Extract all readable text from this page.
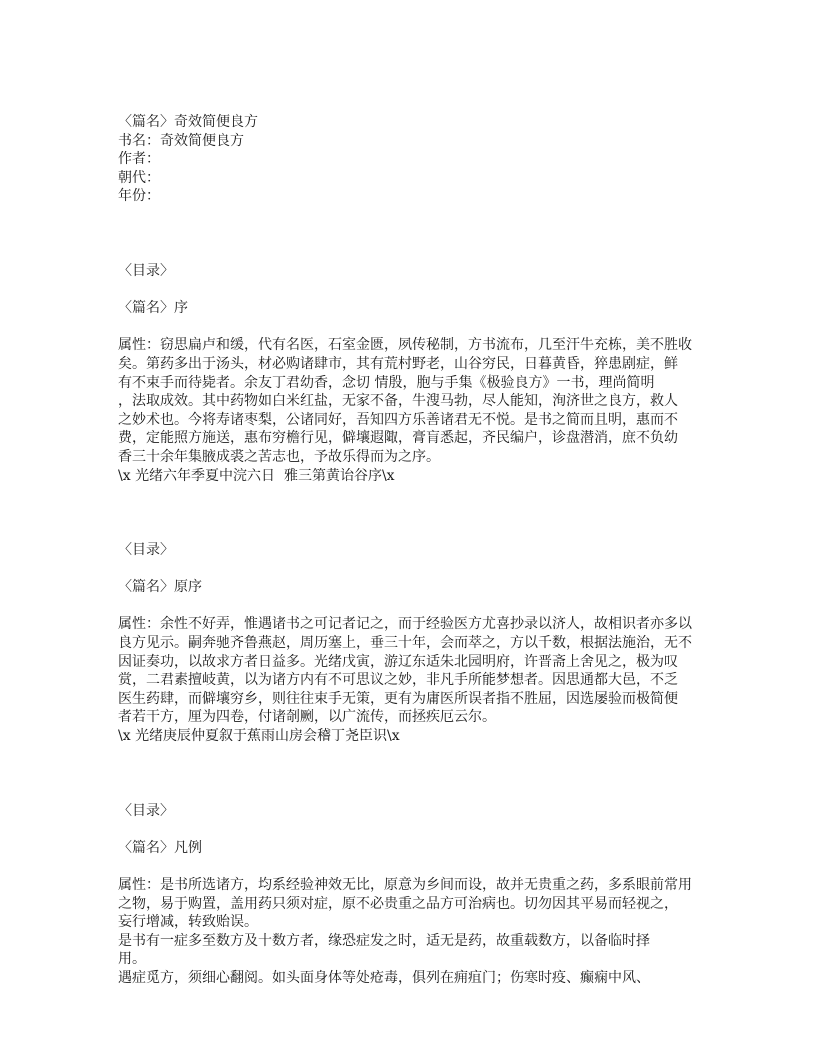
〈篇名〉奇效简便良方
书名：奇效简便良方
作者：
朝代：
年份：
〈目录〉
〈篇名〉序
属性：窃思扁卢和缓，代有名医，石室金匮，夙传秘制，方书流布，几至汗牛充栋，美不胜收
矣。第药多出于汤头，材必购诸肆市，其有荒村野老，山谷穷民，日暮黄昏，猝患剧症，鲜
有不束手而待毙者。余友丁君幼香，念切 情殷，胞与手集《极验良方》一书，理尚简明
，法取成效。其中药物如白米红盐，无家不备，牛溲马勃，尽人能知，洵济世之良方，救人
之妙术也。今将寿诸枣梨，公诸同好，吾知四方乐善诸君无不悦。是书之简而且明，惠而不
费，定能照方施送，惠布穷檐行见，僻壤遐陬，膏肓悉起，齐民编户，诊盘潜消，庶不负幼
香三十余年集腋成裘之苦志也，予故乐得而为之序。
\x 光绪六年季夏中浣六日  雅三第黄诒谷序\x
〈目录〉
〈篇名〉原序
属性：余性不好弄，惟遇诸书之可记者记之，而于经验医方尤喜抄录以济人，故相识者亦多以
良方见示。嗣奔驰齐鲁燕赵，周历塞上，垂三十年，会而萃之，方以千数，根据法施治，无不
因证奏功，以故求方者日益多。光绪戊寅，游辽东适朱北园明府，许晋斋上舍见之，极为叹
赏，二君素擅岐黄，以为诸方内有不可思议之妙，非凡手所能梦想者。因思通都大邑，不乏
医生药肆，而僻壤穷乡，则往往束手无策，更有为庸医所误者指不胜屈，因选屡验而极简便
者若干方，厘为四卷，付诸剞劂，以广流传，而拯疾厄云尔。
\x 光绪庚辰仲夏叙于蕉雨山房会稽丁尧臣识\x
〈目录〉
〈篇名〉凡例
属性：是书所选诸方，均系经验神效无比，原意为乡间而设，故并无贵重之药，多系眼前常用
之物，易于购置，盖用药只须对症，原不必贵重之品方可治病也。切勿因其平易而轻视之，
妄行增减，转致贻误。
是书有一症多至数方及十数方者，缘恐症发之时，适无是药，故重载数方，以备临时择
用。
遇症觅方，须细心翻阅。如头面身体等处疮毒，俱列在痈疽门；伤寒时疫、癫痫中风、
